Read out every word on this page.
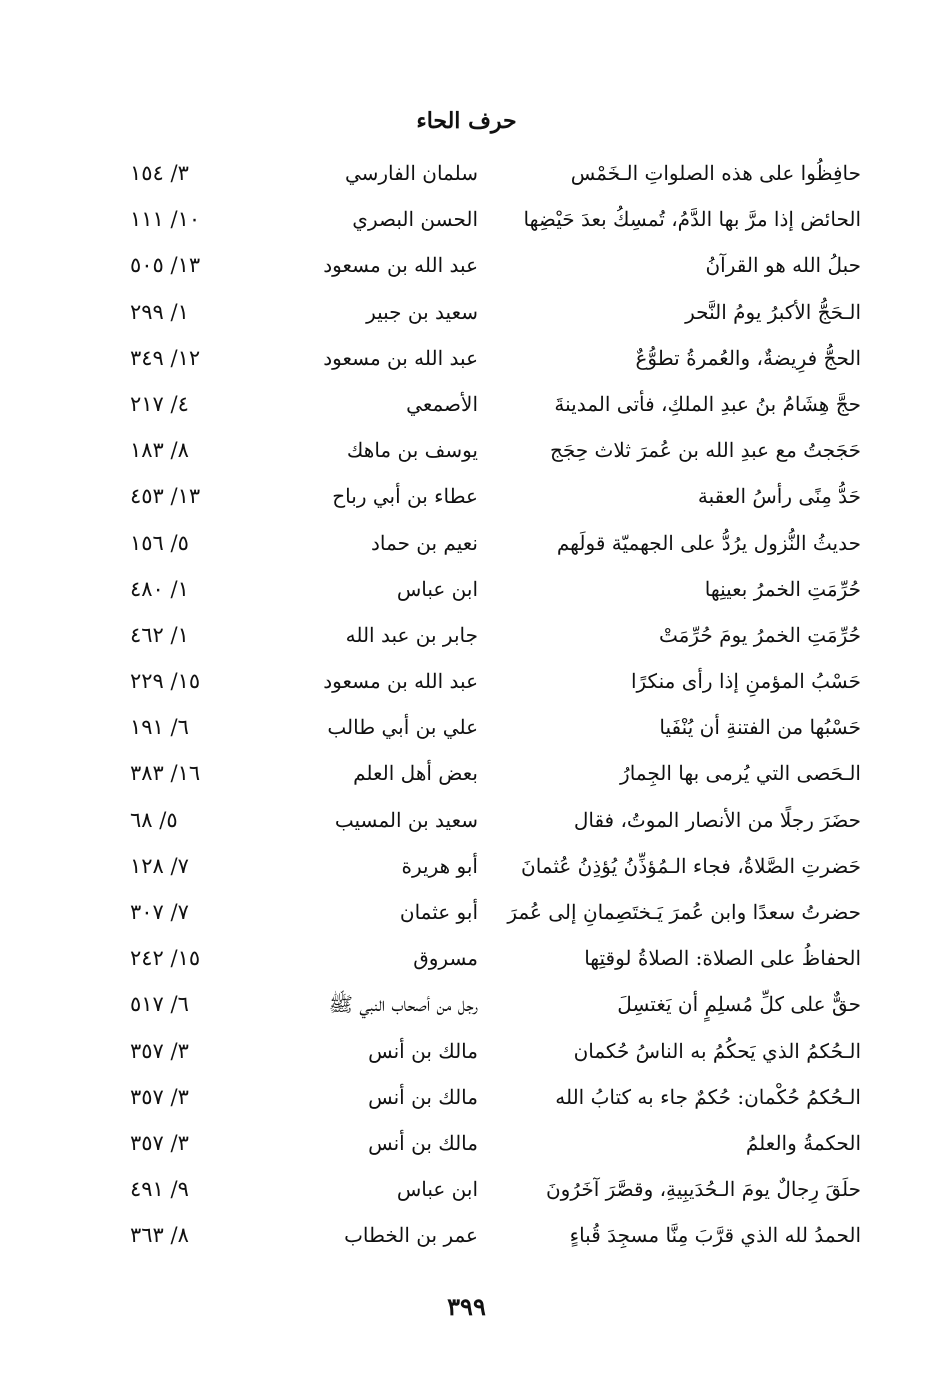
حرف الحاء
حافِظُوا على هذه الصلواتِ الـخَمْس
سلمان الفارسي
٣/ ١٥٤
الحائض إذا مرَّ بها الدَّمُ، تُمسِكُ بعدَ حَيْضِها
الحسن البصري
١٠/ ١١١
حبلُ الله هو القرآنُ
عبد الله بن مسعود
١٣/ ٥٠٥
الـحَجُّ الأكبرُ يومُ النَّحر
سعيد بن جبير
١/ ٢٩٩
الحجُّ فرِيضةٌ، والعُمرةُ تطوُّعٌ
عبد الله بن مسعود
١٢/ ٣٤٩
حجَّ هِشَامُ بنُ عبدِ الملكِ، فأتى المدينةَ
الأصمعي
٤/ ٢١٧
حَجَجتُ مع عبدِ الله بن عُمرَ ثلاث حِجَج
يوسف بن ماهك
٨/ ١٨٣
حَدُّ مِنًى رأسُ العقبة
عطاء بن أبي رباح
١٣/ ٤٥٣
حديثُ النُّزول يرُدُّ على الجهميّة قولَهم
نعيم بن حماد
٥/ ١٥٦
حُرِّمَتِ الخمرُ بعينِها
ابن عباس
١/ ٤٨٠
حُرِّمَتِ الخمرُ يومَ حُرِّمَتْ
جابر بن عبد الله
١/ ٤٦٢
حَسْبُ المؤمنِ إذا رأى منكرًا
عبد الله بن مسعود
١٥/ ٢٢٩
حَسْبُها من الفتنةِ أن يُنْفَيا
علي بن أبي طالب
٦/ ١٩١
الـحَصى التي يُرمى بها الجِمارُ
بعض أهل العلم
١٦/ ٣٨٣
حضَرَ رجلًا من الأنصار الموتُ، فقال
سعيد بن المسيب
٥/ ٦٨
حَضرتِ الصَّلاةُ، فجاء الـمُؤذِّنُ يُؤذِنُ عُثمانَ
أبو هريرة
٧/ ١٢٨
حضرتُ سعدًا وابن عُمرَ يَـختَصِمانِ إلى عُمرَ
أبو عثمان
٧/ ٣٠٧
الحفاظُ على الصلاة: الصلاةُ لوقتِها
مسروق
١٥/ ٢٤٢
حقٌّ على كلِّ مُسلِمٍ أن يَغتسِلَ
رجل من أصحاب النبي ﷺ
٦/ ٥١٧
الـحُكمُ الذي يَحكُمُ به الناسُ حُكمان
مالك بن أنس
٣/ ٣٥٧
الـحُكمُ حُكْمان: حُكمٌ جاء به كتابُ الله
مالك بن أنس
٣/ ٣٥٧
الحكمةُ والعلمُ
مالك بن أنس
٣/ ٣٥٧
حلَقَ رِجالٌ يومَ الـحُدَيبِيةِ، وقصَّرَ آخَرُونَ
ابن عباس
٩/ ٤٩١
الحمدُ لله الذي قرَّبَ مِنَّا مسجِدَ قُباءٍ
عمر بن الخطاب
٨/ ٣٦٣
٣٩٩
